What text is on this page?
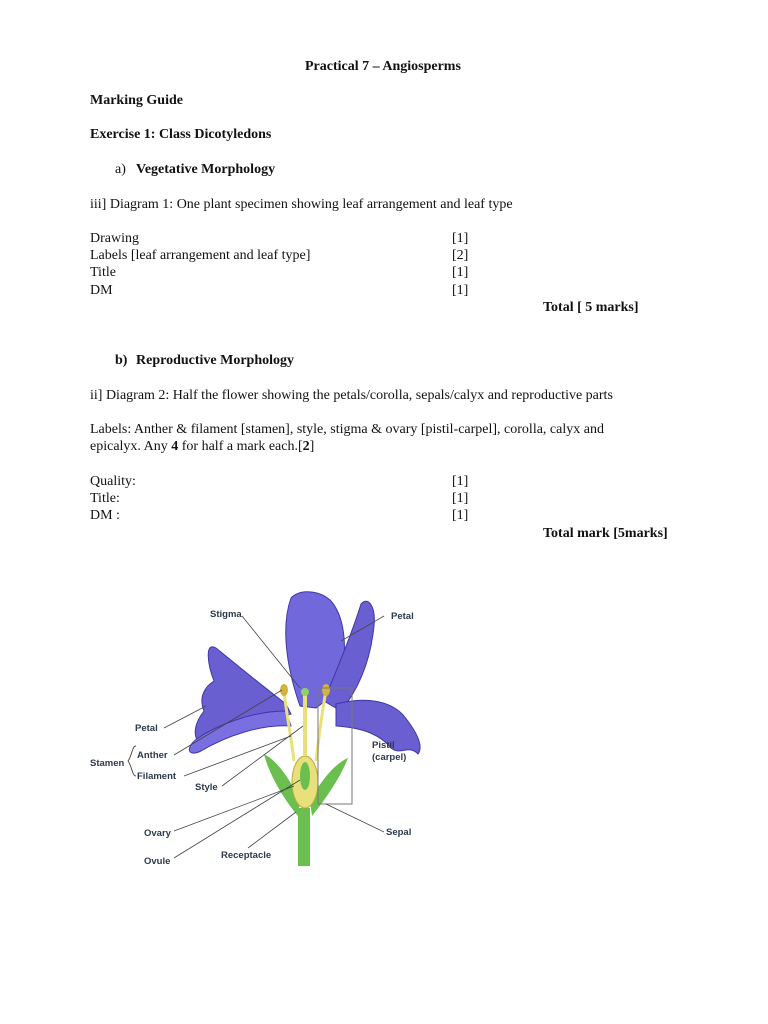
Practical 7 – Angiosperms
Marking Guide
Exercise 1: Class Dicotyledons
a) Vegetative Morphology
iii] Diagram 1: One plant specimen showing leaf arrangement and leaf type
Drawing	[1]
Labels [leaf arrangement and leaf type]	[2]
Title	[1]
DM	[1]
Total [ 5 marks]
b) Reproductive Morphology
ii] Diagram 2: Half the flower showing the petals/corolla, sepals/calyx and reproductive parts
Labels: Anther & filament [stamen], style, stigma & ovary [pistil-carpel], corolla, calyx and
epicalyx. Any 4 for half a mark each.[2]
Quality:	[1]
Title:	[1]
DM :	[1]
Total mark [5marks]
Stigma	Petal
Petal
Stamen
Anther
Filament
Style
Pistil
(carpel)
Ovary
Ovule
Receptacle
Sepal
